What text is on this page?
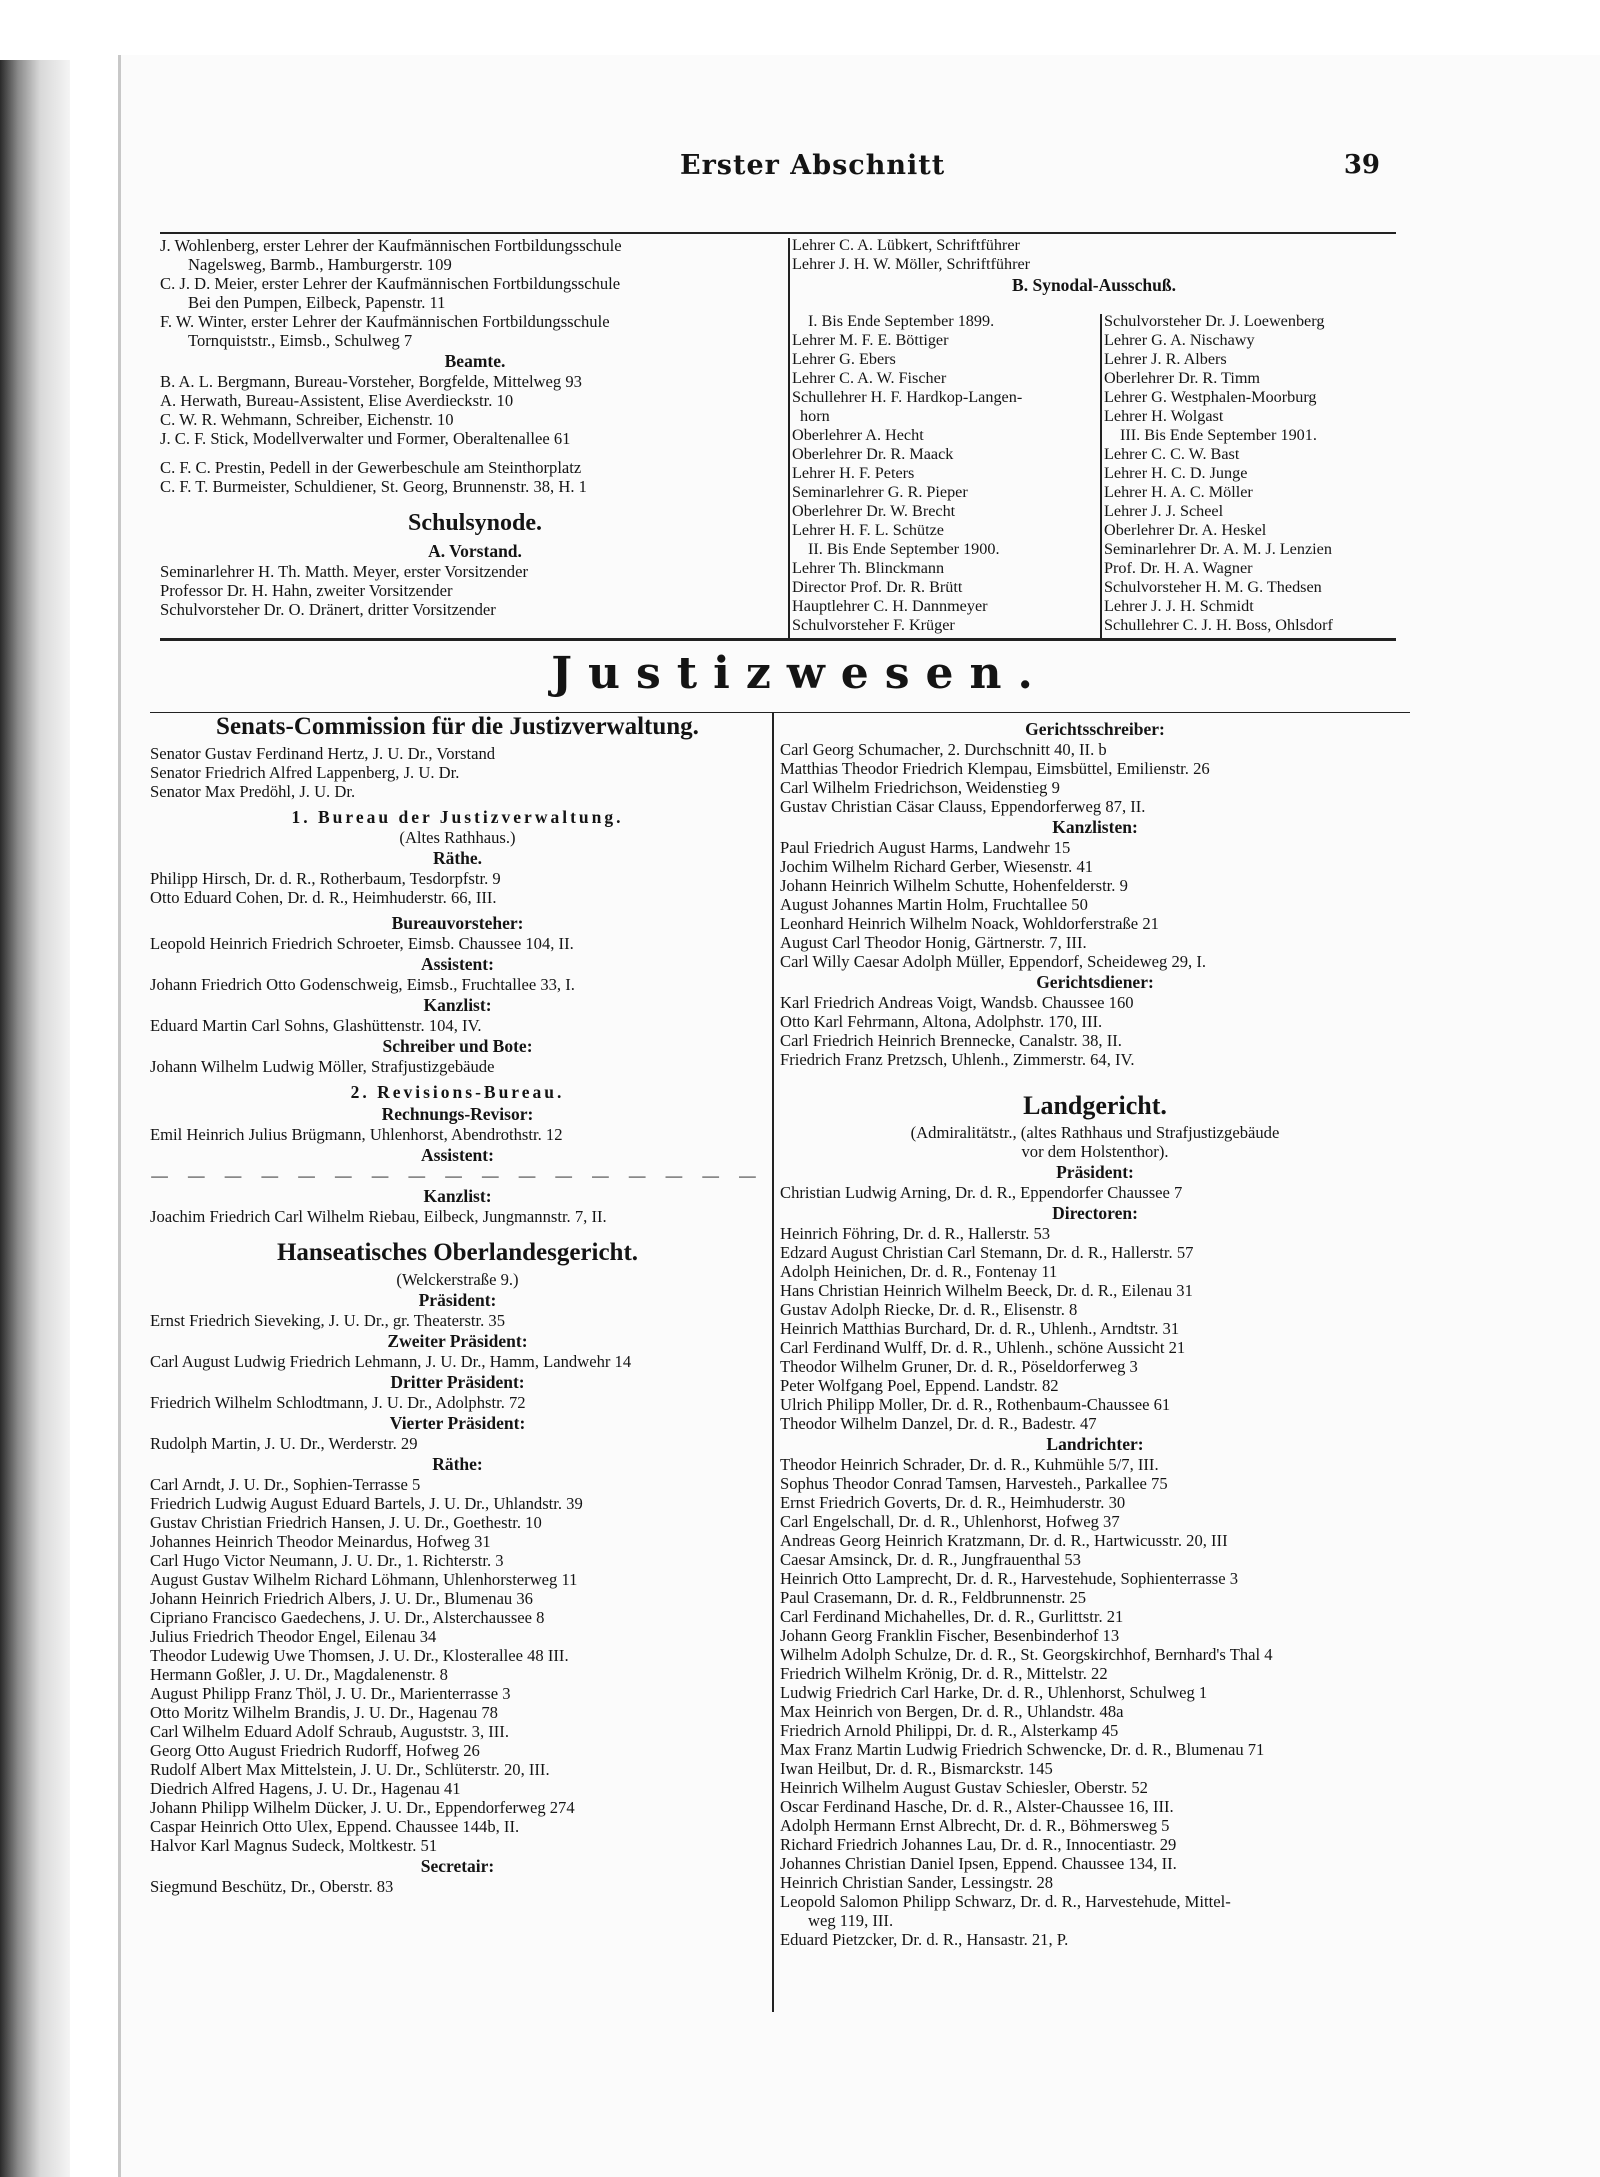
Erster Abschnitt	39
J. Wohlenberg, erster Lehrer der Kaufmännischen Fortbildungsschule
Nagelsweg, Barmb., Hamburgerstr. 109
C. J. D. Meier, erster Lehrer der Kaufmännischen Fortbildungsschule
Bei den Pumpen, Eilbeck, Papenstr. 11
F. W. Winter, erster Lehrer der Kaufmännischen Fortbildungsschule
Tornquiststr., Eimsb., Schulweg 7
Beamte.
B. A. L. Bergmann, Bureau-Vorsteher, Borgfelde, Mittelweg 93
A. Herwath, Bureau-Assistent, Elise Averdieckstr. 10
C. W. R. Wehmann, Schreiber, Eichenstr. 10
J. C. F. Stick, Modellverwalter und Former, Oberaltenallee 61
C. F. C. Prestin, Pedell in der Gewerbeschule am Steinthorplatz
C. F. T. Burmeister, Schuldiener, St. Georg, Brunnenstr. 38, H. 1
Schulsynode.
A. Vorstand.
Seminarlehrer H. Th. Matth. Meyer, erster Vorsitzender
Professor Dr. H. Hahn, zweiter Vorsitzender
Schulvorsteher Dr. O. Dränert, dritter Vorsitzender
Lehrer C. A. Lübkert, Schriftführer
Lehrer J. H. W. Möller, Schriftführer
B. Synodal-Ausschuß.
I. Bis Ende September 1899.
Lehrer M. F. E. Böttiger
Lehrer G. Ebers
Lehrer C. A. W. Fischer
Schullehrer H. F. Hardkop-Langen-
horn
Oberlehrer A. Hecht
Oberlehrer Dr. R. Maack
Lehrer H. F. Peters
Seminarlehrer G. R. Pieper
Oberlehrer Dr. W. Brecht
Lehrer H. F. L. Schütze
II. Bis Ende September 1900.
Lehrer Th. Blinckmann
Director Prof. Dr. R. Brütt
Hauptlehrer C. H. Dannmeyer
Schulvorsteher F. Krüger
Schulvorsteher Dr. J. Loewenberg
Lehrer G. A. Nischawy
Lehrer J. R. Albers
Oberlehrer Dr. R. Timm
Lehrer G. Westphalen-Moorburg
Lehrer H. Wolgast
III. Bis Ende September 1901.
Lehrer C. C. W. Bast
Lehrer H. C. D. Junge
Lehrer H. A. C. Möller
Lehrer J. J. Scheel
Oberlehrer Dr. A. Heskel
Seminarlehrer Dr. A. M. J. Lenzien
Prof. Dr. H. A. Wagner
Schulvorsteher H. M. G. Thedsen
Lehrer J. J. H. Schmidt
Schullehrer C. J. H. Boss, Ohlsdorf
Justizwesen.
Senats-Commission für die Justizverwaltung.
Senator Gustav Ferdinand Hertz, J. U. Dr., Vorstand
Senator Friedrich Alfred Lappenberg, J. U. Dr.
Senator Max Predöhl, J. U. Dr.
1. Bureau der Justizverwaltung.
(Altes Rathhaus.)
Räthe.
Philipp Hirsch, Dr. d. R., Rotherbaum, Tesdorpfstr. 9
Otto Eduard Cohen, Dr. d. R., Heimhuderstr. 66, III.
Bureauvorsteher:
Leopold Heinrich Friedrich Schroeter, Eimsb. Chaussee 104, II.
Assistent:
Johann Friedrich Otto Godenschweig, Eimsb., Fruchtallee 33, I.
Kanzlist:
Eduard Martin Carl Sohns, Glashüttenstr. 104, IV.
Schreiber und Bote:
Johann Wilhelm Ludwig Möller, Strafjustizgebäude
2. Revisions-Bureau.
Rechnungs-Revisor:
Emil Heinrich Julius Brügmann, Uhlenhorst, Abendrothstr. 12
Assistent:
— — — — — — — — — — — — — — — — —
Kanzlist:
Joachim Friedrich Carl Wilhelm Riebau, Eilbeck, Jungmannstr. 7, II.
Hanseatisches Oberlandesgericht.
(Welckerstraße 9.)
Präsident:
Ernst Friedrich Sieveking, J. U. Dr., gr. Theaterstr. 35
Zweiter Präsident:
Carl August Ludwig Friedrich Lehmann, J. U. Dr., Hamm, Landwehr 14
Dritter Präsident:
Friedrich Wilhelm Schlodtmann, J. U. Dr., Adolphstr. 72
Vierter Präsident:
Rudolph Martin, J. U. Dr., Werderstr. 29
Räthe:
Carl Arndt, J. U. Dr., Sophien-Terrasse 5
Friedrich Ludwig August Eduard Bartels, J. U. Dr., Uhlandstr. 39
Gustav Christian Friedrich Hansen, J. U. Dr., Goethestr. 10
Johannes Heinrich Theodor Meinardus, Hofweg 31
Carl Hugo Victor Neumann, J. U. Dr., 1. Richterstr. 3
August Gustav Wilhelm Richard Löhmann, Uhlenhorsterweg 11
Johann Heinrich Friedrich Albers, J. U. Dr., Blumenau 36
Cipriano Francisco Gaedechens, J. U. Dr., Alsterchaussee 8
Julius Friedrich Theodor Engel, Eilenau 34
Theodor Ludewig Uwe Thomsen, J. U. Dr., Klosterallee 48 III.
Hermann Goßler, J. U. Dr., Magdalenenstr. 8
August Philipp Franz Thöl, J. U. Dr., Marienterrasse 3
Otto Moritz Wilhelm Brandis, J. U. Dr., Hagenau 78
Carl Wilhelm Eduard Adolf Schraub, Auguststr. 3, III.
Georg Otto August Friedrich Rudorff, Hofweg 26
Rudolf Albert Max Mittelstein, J. U. Dr., Schlüterstr. 20, III.
Diedrich Alfred Hagens, J. U. Dr., Hagenau 41
Johann Philipp Wilhelm Dücker, J. U. Dr., Eppendorferweg 274
Caspar Heinrich Otto Ulex, Eppend. Chaussee 144b, II.
Halvor Karl Magnus Sudeck, Moltkestr. 51
Secretair:
Siegmund Beschütz, Dr., Oberstr. 83
Gerichtsschreiber:
Carl Georg Schumacher, 2. Durchschnitt 40, II. b
Matthias Theodor Friedrich Klempau, Eimsbüttel, Emilienstr. 26
Carl Wilhelm Friedrichson, Weidenstieg 9
Gustav Christian Cäsar Clauss, Eppendorferweg 87, II.
Kanzlisten:
Paul Friedrich August Harms, Landwehr 15
Jochim Wilhelm Richard Gerber, Wiesenstr. 41
Johann Heinrich Wilhelm Schutte, Hohenfelderstr. 9
August Johannes Martin Holm, Fruchtallee 50
Leonhard Heinrich Wilhelm Noack, Wohldorferstraße 21
August Carl Theodor Honig, Gärtnerstr. 7, III.
Carl Willy Caesar Adolph Müller, Eppendorf, Scheideweg 29, I.
Gerichtsdiener:
Karl Friedrich Andreas Voigt, Wandsb. Chaussee 160
Otto Karl Fehrmann, Altona, Adolphstr. 170, III.
Carl Friedrich Heinrich Brennecke, Canalstr. 38, II.
Friedrich Franz Pretzsch, Uhlenh., Zimmerstr. 64, IV.
Landgericht.
(Admiralitätstr., (altes Rathhaus und Strafjustizgebäude
vor dem Holstenthor).
Präsident:
Christian Ludwig Arning, Dr. d. R., Eppendorfer Chaussee 7
Directoren:
Heinrich Föhring, Dr. d. R., Hallerstr. 53
Edzard August Christian Carl Stemann, Dr. d. R., Hallerstr. 57
Adolph Heinichen, Dr. d. R., Fontenay 11
Hans Christian Heinrich Wilhelm Beeck, Dr. d. R., Eilenau 31
Gustav Adolph Riecke, Dr. d. R., Elisenstr. 8
Heinrich Matthias Burchard, Dr. d. R., Uhlenh., Arndtstr. 31
Carl Ferdinand Wulff, Dr. d. R., Uhlenh., schöne Aussicht 21
Theodor Wilhelm Gruner, Dr. d. R., Pöseldorferweg 3
Peter Wolfgang Poel, Eppend. Landstr. 82
Ulrich Philipp Moller, Dr. d. R., Rothenbaum-Chaussee 61
Theodor Wilhelm Danzel, Dr. d. R., Badestr. 47
Landrichter:
Theodor Heinrich Schrader, Dr. d. R., Kuhmühle 5/7, III.
Sophus Theodor Conrad Tamsen, Harvesteh., Parkallee 75
Ernst Friedrich Goverts, Dr. d. R., Heimhuderstr. 30
Carl Engelschall, Dr. d. R., Uhlenhorst, Hofweg 37
Andreas Georg Heinrich Kratzmann, Dr. d. R., Hartwicusstr. 20, III
Caesar Amsinck, Dr. d. R., Jungfrauenthal 53
Heinrich Otto Lamprecht, Dr. d. R., Harvestehude, Sophienterrasse 3
Paul Crasemann, Dr. d. R., Feldbrunnenstr. 25
Carl Ferdinand Michahelles, Dr. d. R., Gurlittstr. 21
Johann Georg Franklin Fischer, Besenbinderhof 13
Wilhelm Adolph Schulze, Dr. d. R., St. Georgskirchhof, Bernhard's Thal 4
Friedrich Wilhelm Krönig, Dr. d. R., Mittelstr. 22
Ludwig Friedrich Carl Harke, Dr. d. R., Uhlenhorst, Schulweg 1
Max Heinrich von Bergen, Dr. d. R., Uhlandstr. 48a
Friedrich Arnold Philippi, Dr. d. R., Alsterkamp 45
Max Franz Martin Ludwig Friedrich Schwencke, Dr. d. R., Blumenau 71
Iwan Heilbut, Dr. d. R., Bismarckstr. 145
Heinrich Wilhelm August Gustav Schiesler, Oberstr. 52
Oscar Ferdinand Hasche, Dr. d. R., Alster-Chaussee 16, III.
Adolph Hermann Ernst Albrecht, Dr. d. R., Böhmersweg 5
Richard Friedrich Johannes Lau, Dr. d. R., Innocentiastr. 29
Johannes Christian Daniel Ipsen, Eppend. Chaussee 134, II.
Heinrich Christian Sander, Lessingstr. 28
Leopold Salomon Philipp Schwarz, Dr. d. R., Harvestehude, Mittel-
weg 119, III.
Eduard Pietzcker, Dr. d. R., Hansastr. 21, P.
